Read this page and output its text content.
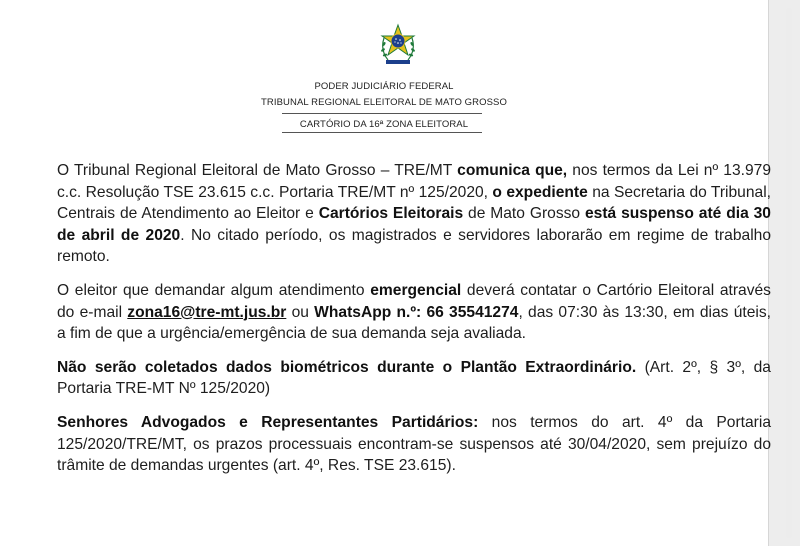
PODER JUDICIÁRIO FEDERAL
TRIBUNAL REGIONAL ELEITORAL DE MATO GROSSO
CARTÓRIO DA 16ª ZONA ELEITORAL

O Tribunal Regional Eleitoral de Mato Grosso – TRE/MT comunica que, nos termos da Lei nº 13.979 c.c. Resolução TSE 23.615 c.c. Portaria TRE/MT nº 125/2020, o expediente na Secretaria do Tribunal, Centrais de Atendimento ao Eleitor e Cartórios Eleitorais de Mato Grosso está suspenso até dia 30 de abril de 2020. No citado período, os magistrados e servidores laborarão em regime de trabalho remoto.

O eleitor que demandar algum atendimento emergencial deverá contatar o Cartório Eleitoral através do e-mail zona16@tre-mt.jus.br ou WhatsApp n.º: 66 35541274, das 07:30 às 13:30, em dias úteis, a fim de que a urgência/emergência de sua demanda seja avaliada.

Não serão coletados dados biométricos durante o Plantão Extraordinário. (Art. 2º, § 3º, da Portaria TRE-MT Nº 125/2020)

Senhores Advogados e Representantes Partidários: nos termos do art. 4º da Portaria 125/2020/TRE/MT, os prazos processuais encontram-se suspensos até 30/04/2020, sem prejuízo do trâmite de demandas urgentes (art. 4º, Res. TSE 23.615).
